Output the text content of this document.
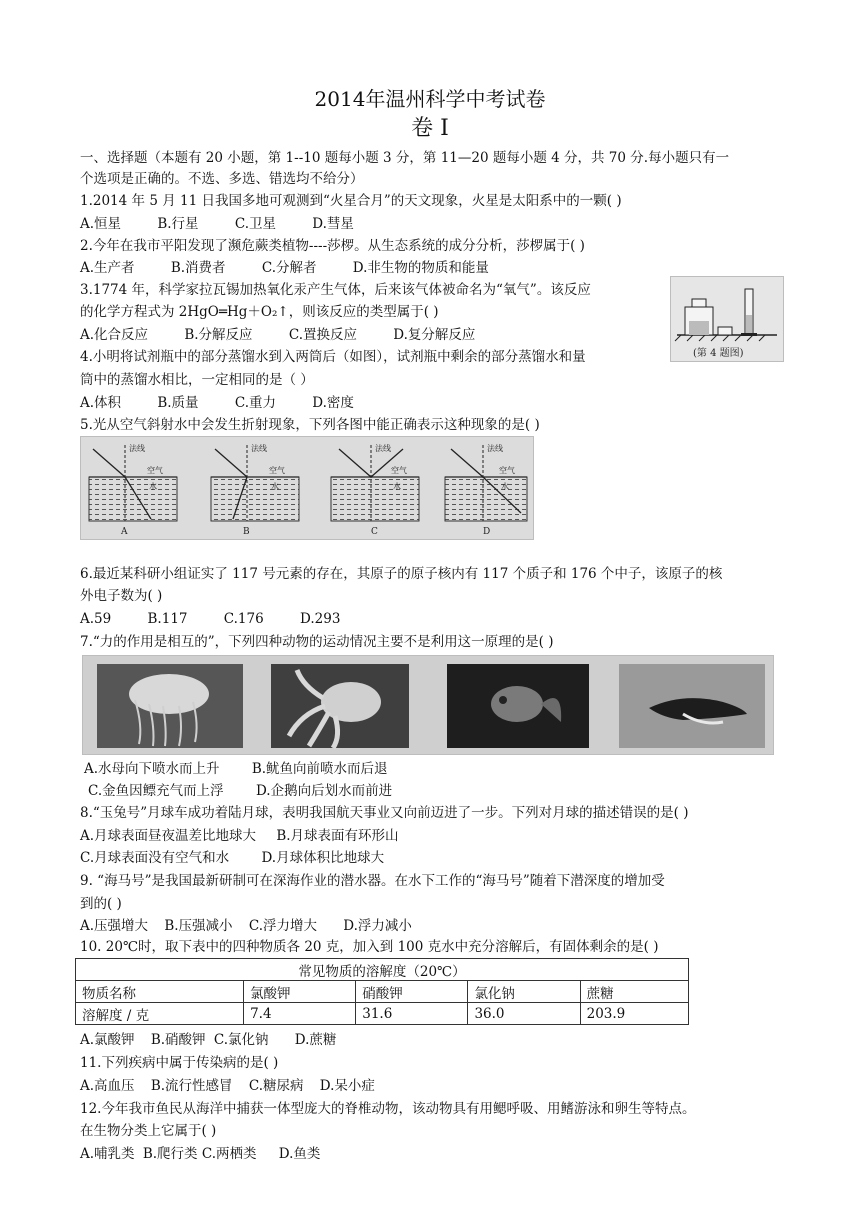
2014年温州科学中考试卷
卷 I
一、选择题（本题有 20 小题，第 1--10 题每小题 3 分，第 11—20 题每小题 4 分，共 70 分.每小题只有一
个选项是正确的。不选、多选、错选均不给分）
1.2014 年 5 月 11 日我国多地可观测到“火星合月”的天文现象，火星是太阳系中的一颗( )
A.恒星	B.行星	C.卫星	D.彗星
2.今年在我市平阳发现了濒危蕨类植物----莎椤。从生态系统的成分分析，莎椤属于( )
A.生产者	B.消费者	C.分解者	D.非生物的物质和能量
3.1774 年，科学家拉瓦锡加热氧化汞产生气体，后来该气体被命名为“氧气”。该反应
的化学方程式为 2HgO═Hg＋O₂↑，则该反应的类型属于( )
A.化合反应	B.分解反应	C.置换反应	D.复分解反应
(第 4 题图)
4.小明将试剂瓶中的部分蒸馏水到入两筒后（如图），试剂瓶中剩余的部分蒸馏水和量
筒中的蒸馏水相比，一定相同的是（ ）
A.体积	B.质量	C.重力	D.密度
5.光从空气斜射水中会发生折射现象，下列各图中能正确表示这种现象的是( )
法线	法线	法线	法线
空气	空气	空气	空气
水	水	水	水
A	B	C	D
6.最近某科研小组证实了 117 号元素的存在，其原子的原子核内有 117 个质子和 176 个中子，该原子的核
外电子数为( )
A.59	B.117	C.176	D.293
7.“力的作用是相互的”，下列四种动物的运动情况主要不是利用这一原理的是( )
A.水母向下喷水而上升 B.鱿鱼向前喷水而后退
C.金鱼因鳔充气而上浮 D.企鹅向后划水而前进
8.“玉兔号”月球车成功着陆月球，表明我国航天事业又向前迈进了一步。下列对月球的描述错误的是( )
A.月球表面昼夜温差比地球大 B.月球表面有环形山
C.月球表面没有空气和水 D.月球体积比地球大
9. “海马号”是我国最新研制可在深海作业的潜水器。在水下工作的“海马号”随着下潜深度的增加受
到的( )
A.压强增大 B.压强减小 C.浮力增大 D.浮力减小
10. 20℃时，取下表中的四种物质各 20 克，加入到 100 克水中充分溶解后，有固体剩余的是( )
常见物质的溶解度（20℃）				
物质名称	氯酸钾	硝酸钾	氯化钠	蔗糖
溶解度 / 克	7.4	31.6	36.0	203.9
A.氯酸钾 B.硝酸钾 C.氯化钠 D.蔗糖
11.下列疾病中属于传染病的是( )
A.高血压 B.流行性感冒 C.糖尿病 D.呆小症
12.今年我市鱼民从海洋中捕获一体型庞大的脊椎动物，该动物具有用鳃呼吸、用鳍游泳和卵生等特点。
在生物分类上它属于( )
A.哺乳类 B.爬行类 C.两栖类 D.鱼类
